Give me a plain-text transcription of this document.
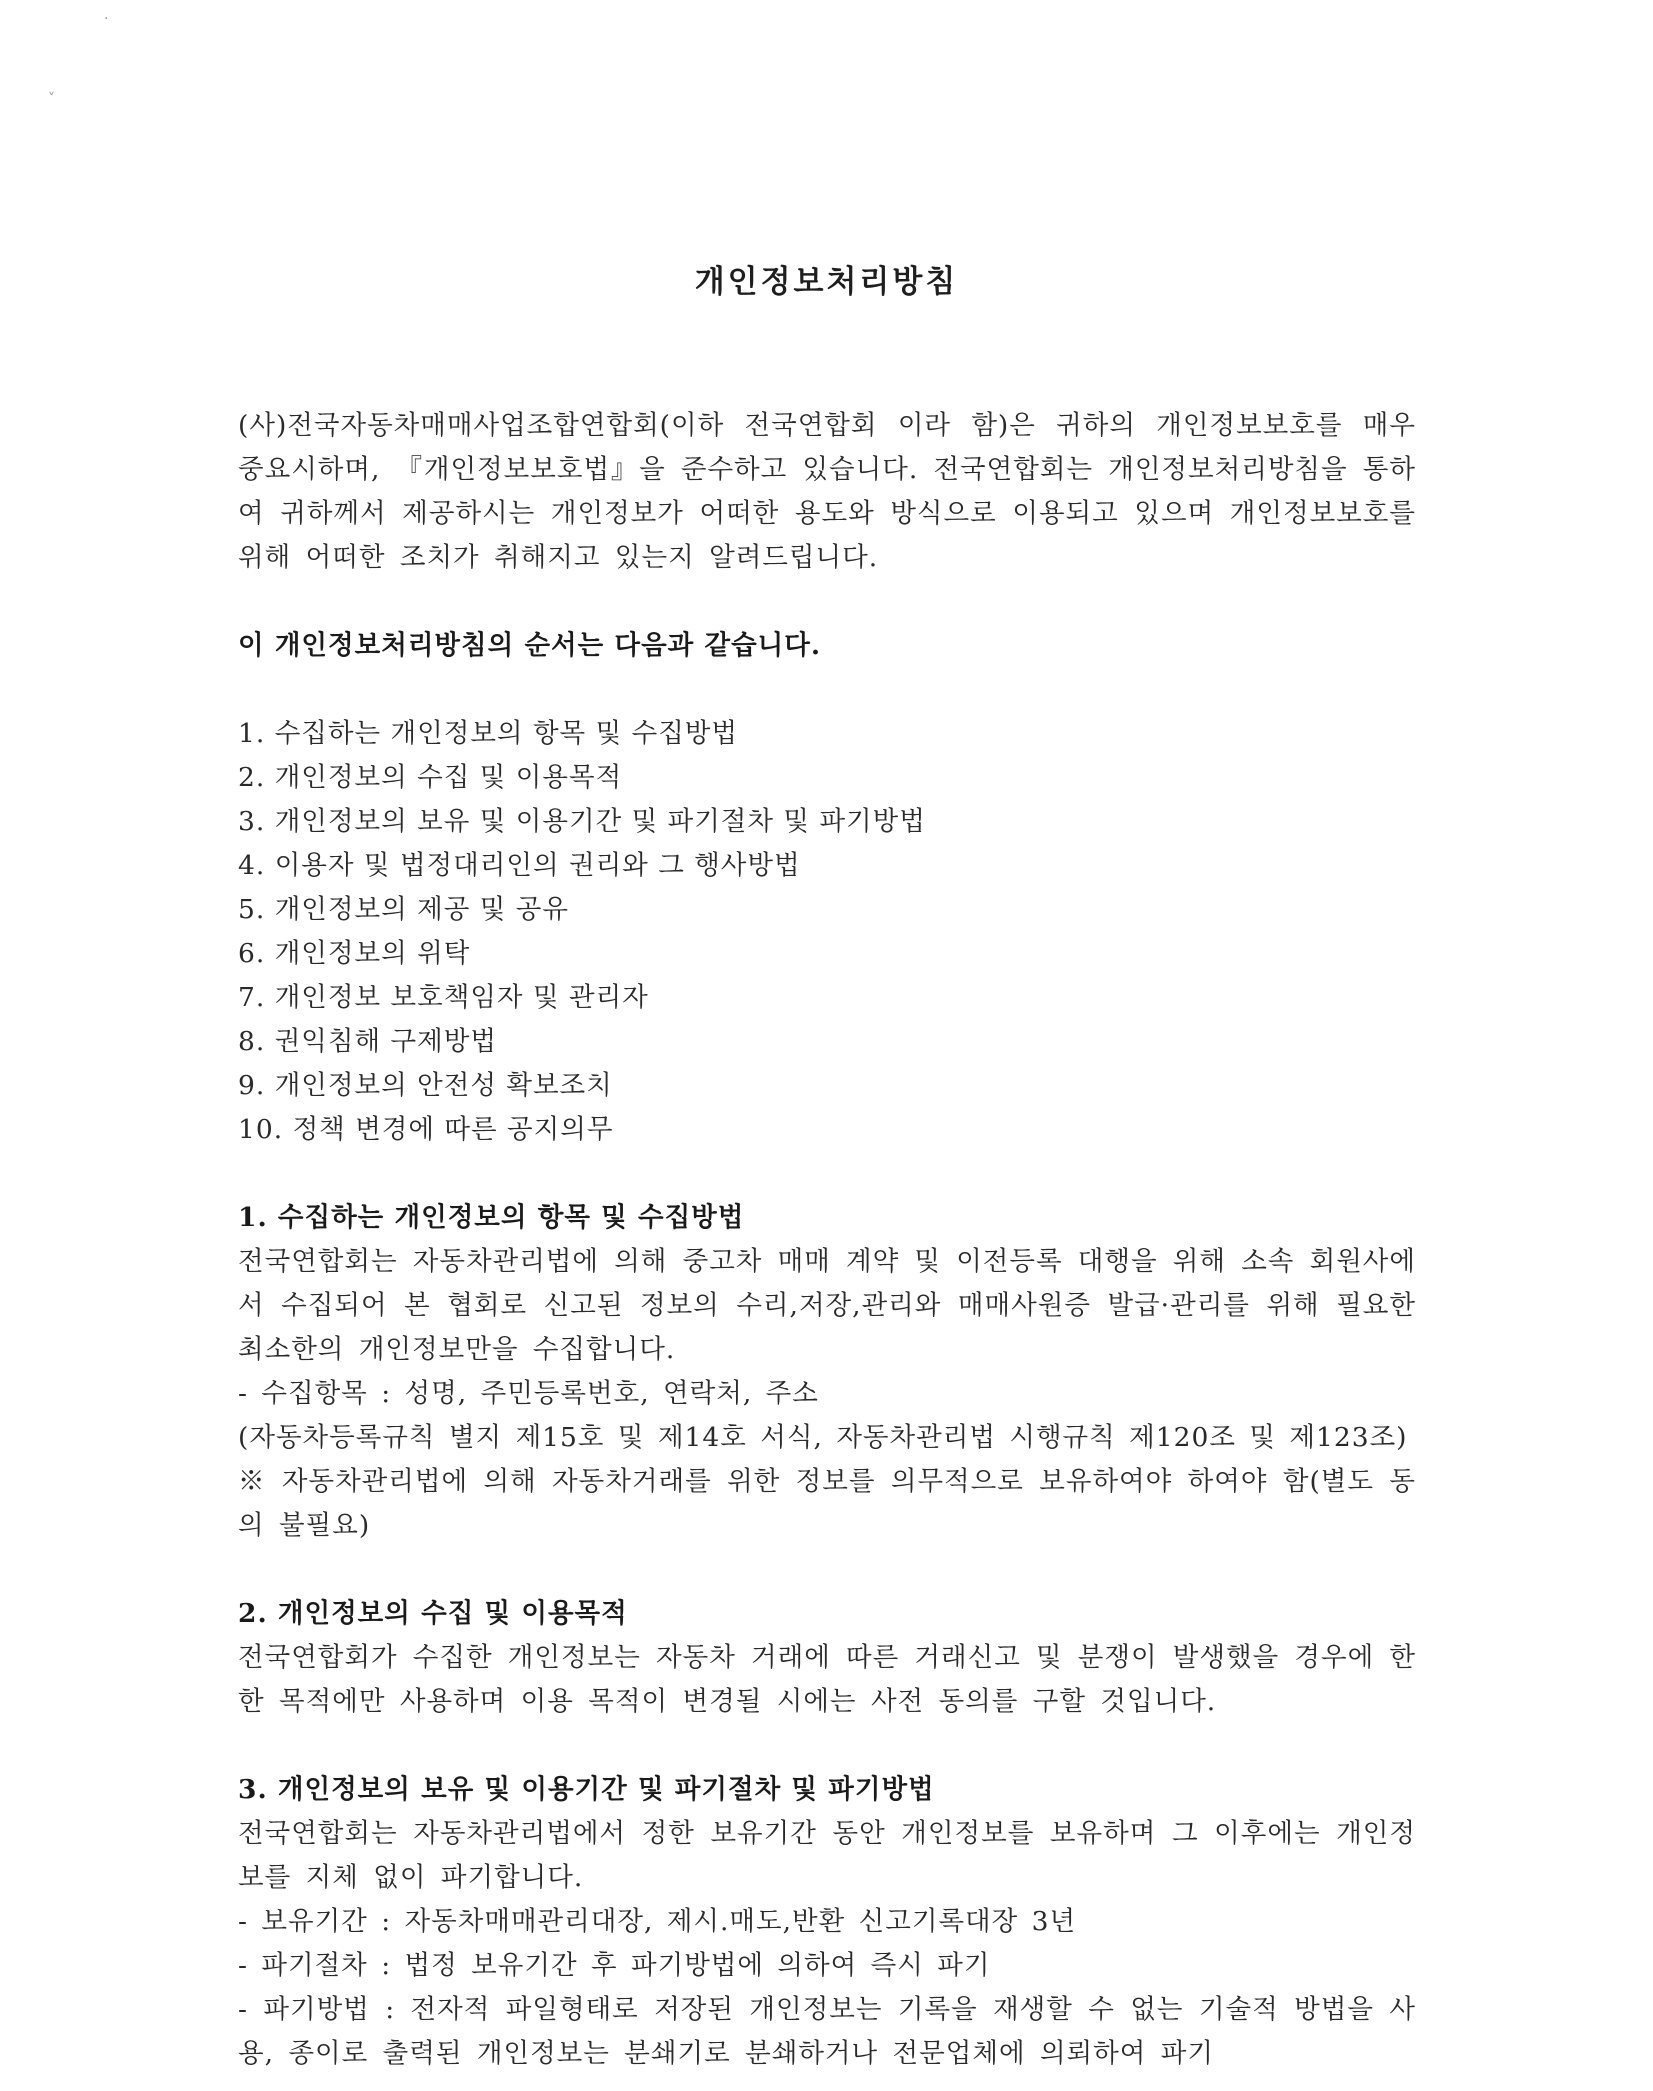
·
˅
개인정보처리방침

(사)전국자동차매매사업조합연합회(이하 전국연합회 이라 함)은 귀하의 개인정보보호를 매우 중요시하며, 『개인정보보호법』을 준수하고 있습니다. 전국연합회는 개인정보처리방침을 통하여 귀하께서 제공하시는 개인정보가 어떠한 용도와 방식으로 이용되고 있으며 개인정보보호를 위해 어떠한 조치가 취해지고 있는지 알려드립니다.

이 개인정보처리방침의 순서는 다음과 같습니다.

1. 수집하는 개인정보의 항목 및 수집방법
2. 개인정보의 수집 및 이용목적
3. 개인정보의 보유 및 이용기간 및 파기절차 및 파기방법
4. 이용자 및 법정대리인의 권리와 그 행사방법
5. 개인정보의 제공 및 공유
6. 개인정보의 위탁
7. 개인정보 보호책임자 및 관리자
8. 권익침해 구제방법
9. 개인정보의 안전성 확보조치
10. 정책 변경에 따른 공지의무

1. 수집하는 개인정보의 항목 및 수집방법

전국연합회는 자동차관리법에 의해 중고차 매매 계약 및 이전등록 대행을 위해 소속 회원사에서 수집되어 본 협회로 신고된 정보의 수리,저장,관리와 매매사원증 발급·관리를 위해 필요한 최소한의 개인정보만을 수집합니다.

- 수집항목 : 성명, 주민등록번호, 연락처, 주소

(자동차등록규칙 별지 제15호 및 제14호 서식, 자동차관리법 시행규칙 제120조 및 제123조)

※ 자동차관리법에 의해 자동차거래를 위한 정보를 의무적으로 보유하여야 하여야 함(별도 동의 불필요)

2. 개인정보의 수집 및 이용목적

전국연합회가 수집한 개인정보는 자동차 거래에 따른 거래신고 및 분쟁이 발생했을 경우에 한한 목적에만 사용하며 이용 목적이 변경될 시에는 사전 동의를 구할 것입니다.

3. 개인정보의 보유 및 이용기간 및 파기절차 및 파기방법

전국연합회는 자동차관리법에서 정한 보유기간 동안 개인정보를 보유하며 그 이후에는 개인정보를 지체 없이 파기합니다.

- 보유기간 : 자동차매매관리대장, 제시.매도,반환 신고기록대장 3년

- 파기절차 : 법정 보유기간 후 파기방법에 의하여 즉시 파기

- 파기방법 : 전자적 파일형태로 저장된 개인정보는 기록을 재생할 수 없는 기술적 방법을 사용, 종이로 출력된 개인정보는 분쇄기로 분쇄하거나 전문업체에 의뢰하여 파기
